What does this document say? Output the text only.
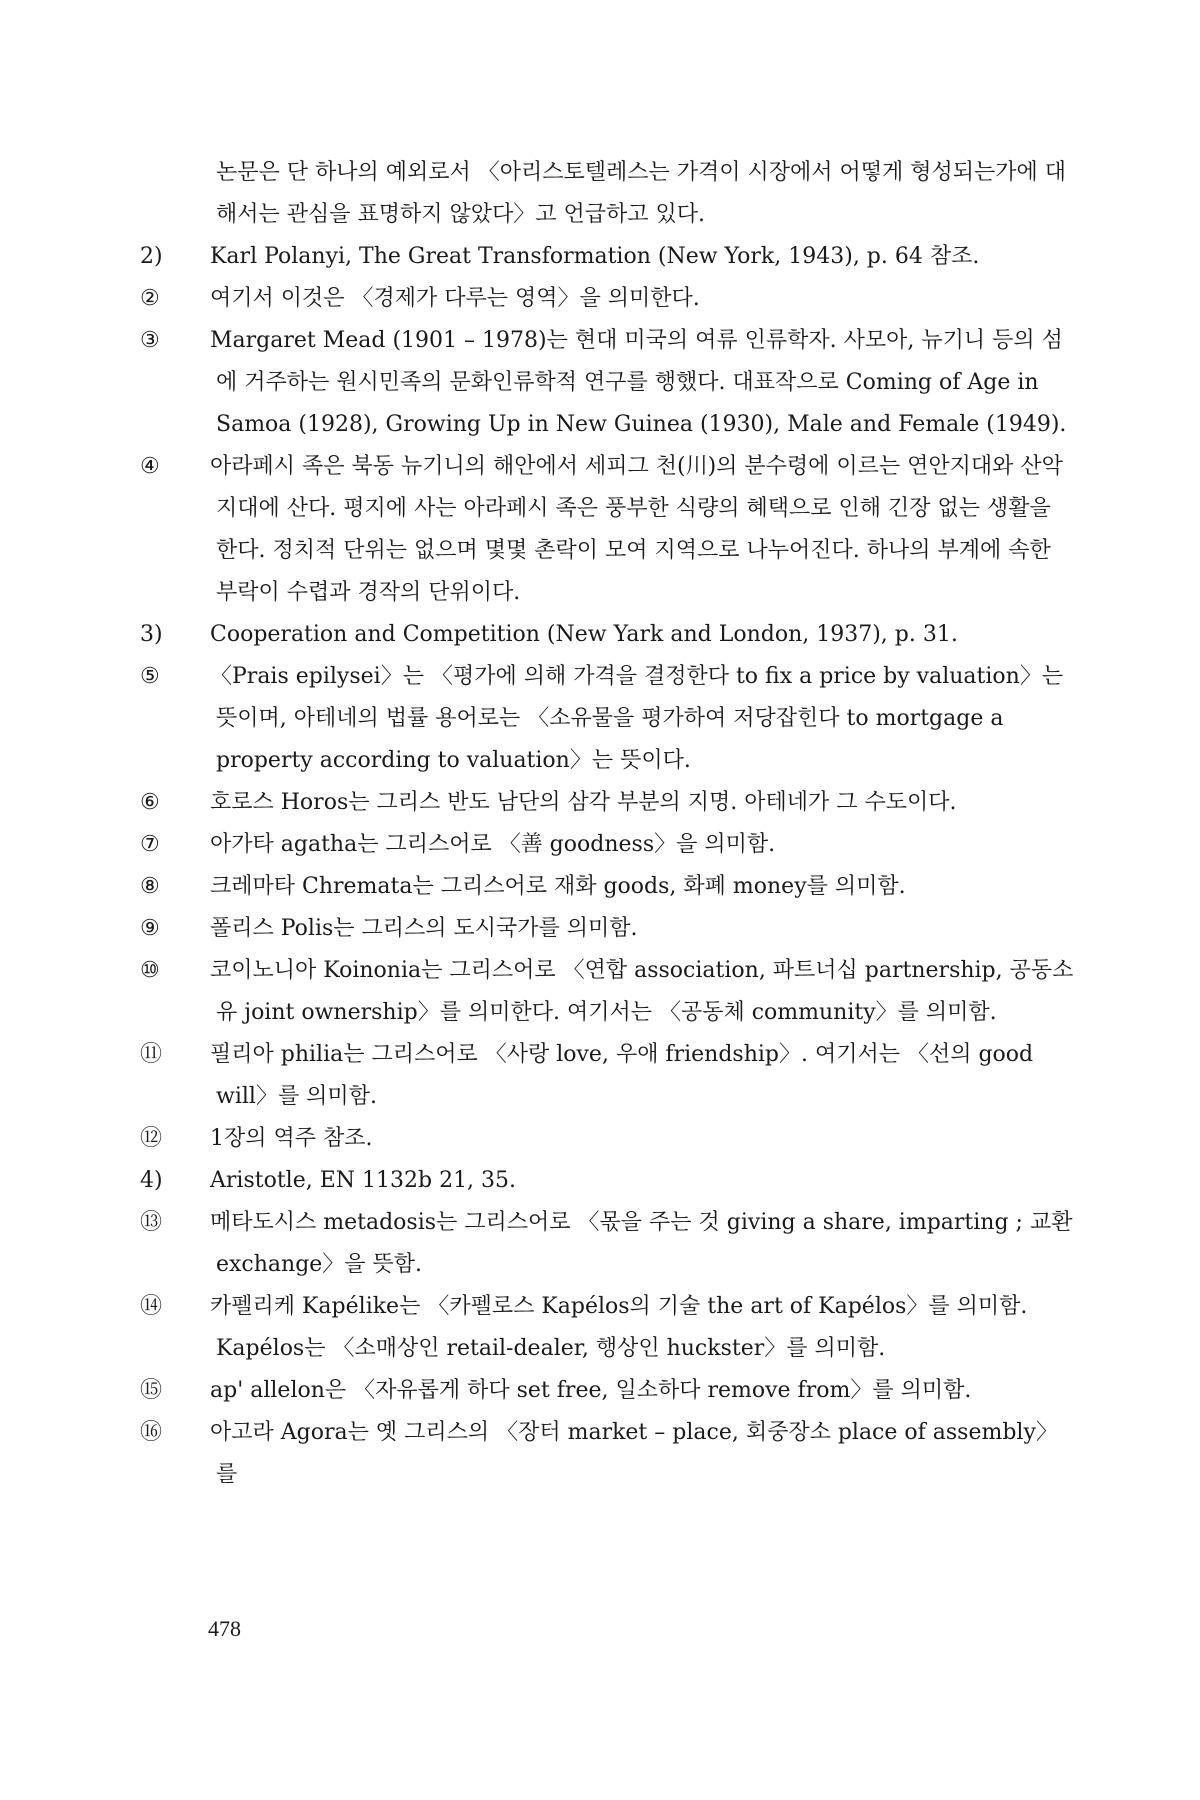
논문은 단 하나의 예외로서 〈아리스토텔레스는 가격이 시장에서 어떻게 형성되는가에 대해서는 관심을 표명하지 않았다〉고 언급하고 있다.

2) Karl Polanyi, The Great Transformation (New York, 1943), p. 64 참조.

② 여기서 이것은 〈경제가 다루는 영역〉을 의미한다.

③ Margaret Mead (1901 – 1978)는 현대 미국의 여류 인류학자. 사모아, 뉴기니 등의 섬에 거주하는 원시민족의 문화인류학적 연구를 행했다. 대표작으로 Coming of Age in Samoa (1928), Growing Up in New Guinea (1930), Male and Female (1949).

④ 아라페시 족은 북동 뉴기니의 해안에서 세피그 천(川)의 분수령에 이르는 연안지대와 산악지대에 산다. 평지에 사는 아라페시 족은 풍부한 식량의 혜택으로 인해 긴장 없는 생활을 한다. 정치적 단위는 없으며 몇몇 촌락이 모여 지역으로 나누어진다. 하나의 부계에 속한 부락이 수렵과 경작의 단위이다.

3) Cooperation and Competition (New Yark and London, 1937), p. 31.

⑤ 〈Prais epilysei〉는 〈평가에 의해 가격을 결정한다 to fix a price by valuation〉는 뜻이며, 아테네의 법률 용어로는 〈소유물을 평가하여 저당잡힌다 to mortgage a property according to valuation〉는 뜻이다.

⑥ 호로스 Horos는 그리스 반도 남단의 삼각 부분의 지명. 아테네가 그 수도이다.

⑦ 아가타 agatha는 그리스어로 〈善 goodness〉을 의미함.

⑧ 크레마타 Chremata는 그리스어로 재화 goods, 화폐 money를 의미함.

⑨ 폴리스 Polis는 그리스의 도시국가를 의미함.

⑩ 코이노니아 Koinonia는 그리스어로 〈연합 association, 파트너십 partnership, 공동소유 joint ownership〉를 의미한다. 여기서는 〈공동체 community〉를 의미함.

⑪ 필리아 philia는 그리스어로 〈사랑 love, 우애 friendship〉. 여기서는 〈선의 good will〉를 의미함.

⑫ 1장의 역주 참조.

4) Aristotle, EN 1132b 21, 35.

⑬ 메타도시스 metadosis는 그리스어로 〈몫을 주는 것 giving a share, imparting ; 교환 exchange〉을 뜻함.

⑭ 카펠리케 Kapélike는 〈카펠로스 Kapélos의 기술 the art of Kapélos〉를 의미함. Kapélos는 〈소매상인 retail-dealer, 행상인 huckster〉를 의미함.

⑮ ap' allelon은 〈자유롭게 하다 set free, 일소하다 remove from〉를 의미함.

⑯ 아고라 Agora는 옛 그리스의 〈장터 market – place, 회중장소 place of assembly〉를

478
